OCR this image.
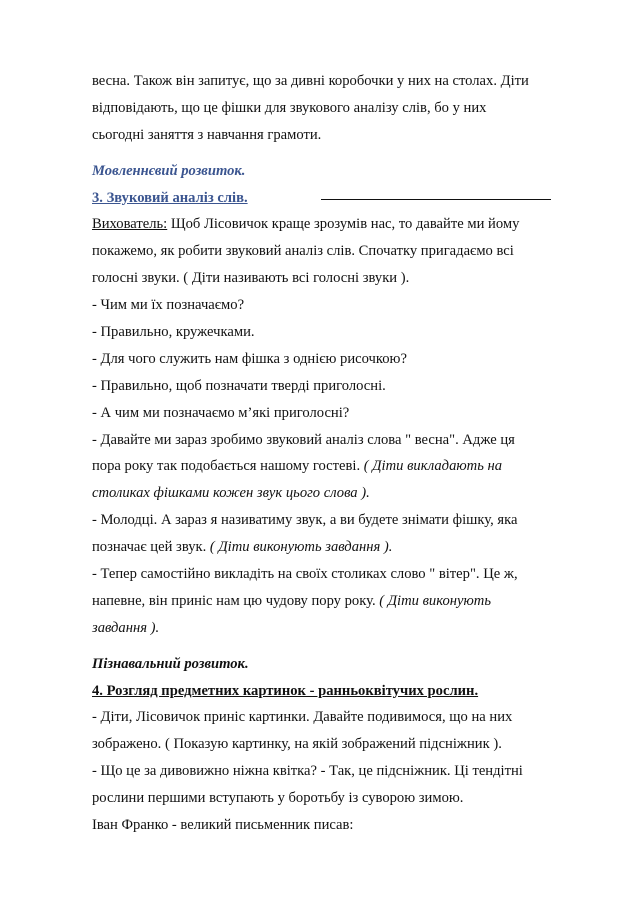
весна. Також він запитує, що за дивні коробочки у них на столах. Діти
відповідають, що це фішки для звукового аналізу слів, бо у них
сьогодні заняття з навчання грамоти.
Мовленнєвий розвиток.
3. Звуковий аналіз слів.
Вихователь: Щоб Лісовичок краще зрозумів нас, то давайте ми йому
покажемо, як робити звуковий аналіз слів. Спочатку пригадаємо всі
голосні звуки. ( Діти називають всі голосні звуки ).
- Чим ми їх позначаємо?
- Правильно, кружечками.
- Для чого служить нам фішка з однією рисочкою?
- Правильно, щоб позначати тверді приголосні.
- А чим ми позначаємо м’які приголосні?
- Давайте ми зараз зробимо звуковий аналіз слова " весна". Адже ця
пора року так подобається нашому гостеві. ( Діти викладають на
столиках фішками кожен звук цього слова ).
- Молодці. А зараз я називатиму звук, а ви будете знімати фішку, яка
позначає цей звук. ( Діти виконують завдання ).
- Тепер самостійно викладіть на своїх столиках слово " вітер". Це ж,
напевне, він приніс нам цю чудову пору року. ( Діти виконують
завдання ).
Пізнавальний розвиток.
4. Розгляд предметних картинок - ранньоквітучих рослин.
- Діти, Лісовичок приніс картинки. Давайте подивимося, що на них
зображено. ( Показую картинку, на якій зображений підсніжник ).
- Що це за дивовижно ніжна квітка? - Так, це підсніжник. Ці тендітні
рослини першими вступають у боротьбу із суворою зимою.
Іван Франко - великий письменник писав:
